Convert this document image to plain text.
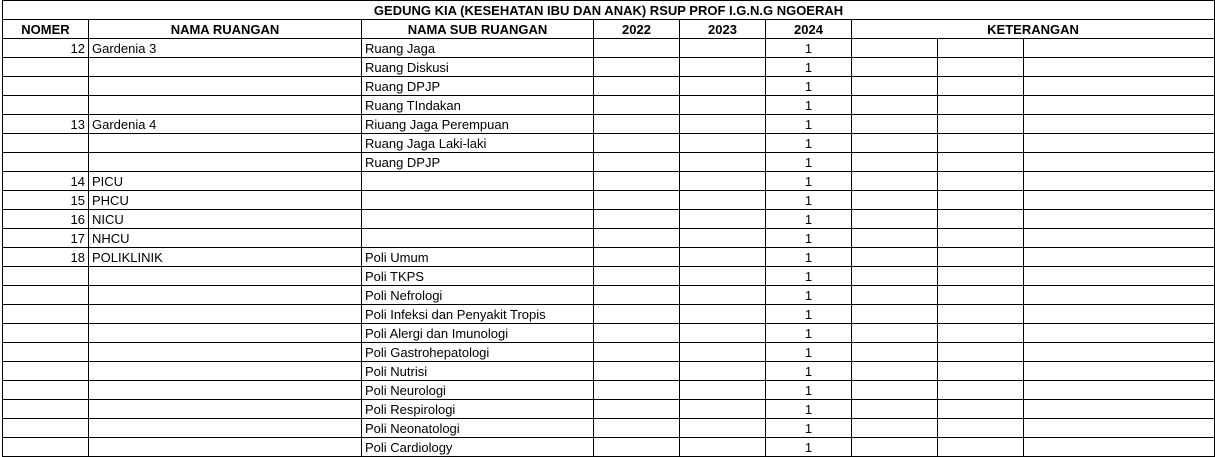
GEDUNG KIA (KESEHATAN IBU DAN ANAK) RSUP PROF I.G.N.G NGOERAH								
NOMER	NAMA RUANGAN	NAMA SUB RUANGAN	2022	2023	2024	KETERANGAN		
12	Gardenia 3	Ruang Jaga			1			
		Ruang Diskusi			1			
		Ruang DPJP			1			
		Ruang TIndakan			1			
13	Gardenia 4	Riuang Jaga Perempuan			1			
		Ruang Jaga Laki-laki			1			
		Ruang DPJP			1			
14	PICU				1			
15	PHCU				1			
16	NICU				1			
17	NHCU				1			
18	POLIKLINIK	Poli Umum			1			
		Poli TKPS			1			
		Poli Nefrologi			1			
		Poli Infeksi dan Penyakit Tropis			1			
		Poli Alergi dan Imunologi			1			
		Poli Gastrohepatologi			1			
		Poli Nutrisi			1			
		Poli Neurologi			1			
		Poli Respirologi			1			
		Poli Neonatologi			1			
		Poli Cardiology			1			
